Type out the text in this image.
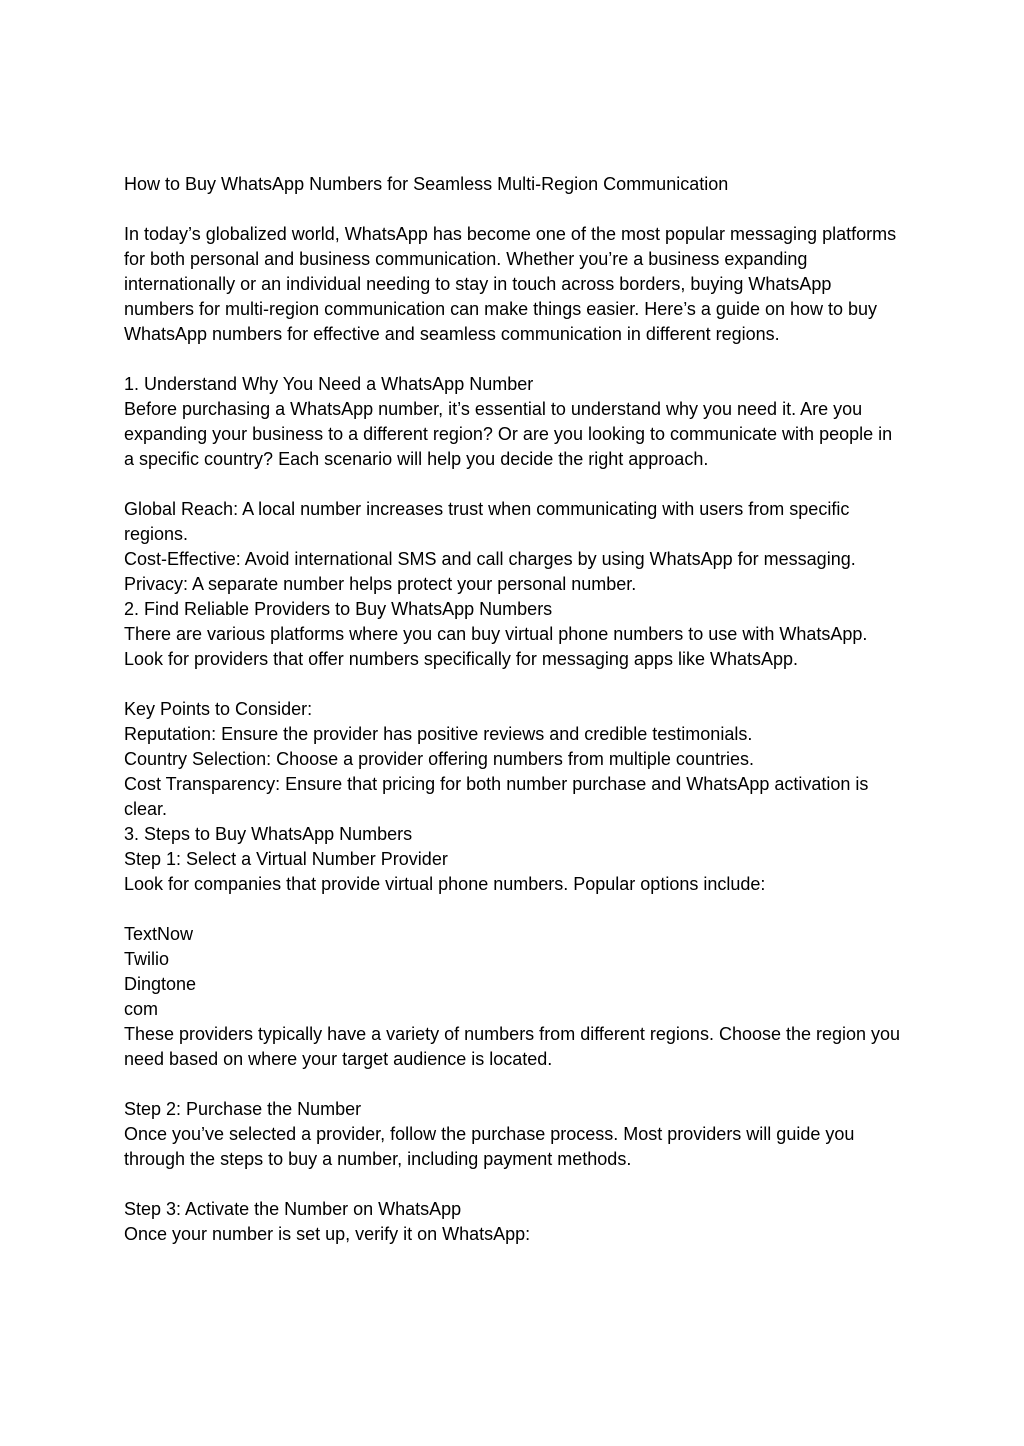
How to Buy WhatsApp Numbers for Seamless Multi-Region Communication

In today’s globalized world, WhatsApp has become one of the most popular messaging platforms for both personal and business communication. Whether you’re a business expanding internationally or an individual needing to stay in touch across borders, buying WhatsApp numbers for multi-region communication can make things easier. Here’s a guide on how to buy WhatsApp numbers for effective and seamless communication in different regions.

1. Understand Why You Need a WhatsApp Number

Before purchasing a WhatsApp number, it’s essential to understand why you need it. Are you expanding your business to a different region? Or are you looking to communicate with people in a specific country? Each scenario will help you decide the right approach.

Global Reach: A local number increases trust when communicating with users from specific regions.

Cost-Effective: Avoid international SMS and call charges by using WhatsApp for messaging.

Privacy: A separate number helps protect your personal number.

2. Find Reliable Providers to Buy WhatsApp Numbers

There are various platforms where you can buy virtual phone numbers to use with WhatsApp. Look for providers that offer numbers specifically for messaging apps like WhatsApp.

Key Points to Consider:

Reputation: Ensure the provider has positive reviews and credible testimonials.

Country Selection: Choose a provider offering numbers from multiple countries.

Cost Transparency: Ensure that pricing for both number purchase and WhatsApp activation is clear.

3. Steps to Buy WhatsApp Numbers

Step 1: Select a Virtual Number Provider

Look for companies that provide virtual phone numbers. Popular options include:

TextNow

Twilio

Dingtone

com

These providers typically have a variety of numbers from different regions. Choose the region you need based on where your target audience is located.

Step 2: Purchase the Number

Once you’ve selected a provider, follow the purchase process. Most providers will guide you through the steps to buy a number, including payment methods.

Step 3: Activate the Number on WhatsApp

Once your number is set up, verify it on WhatsApp:
